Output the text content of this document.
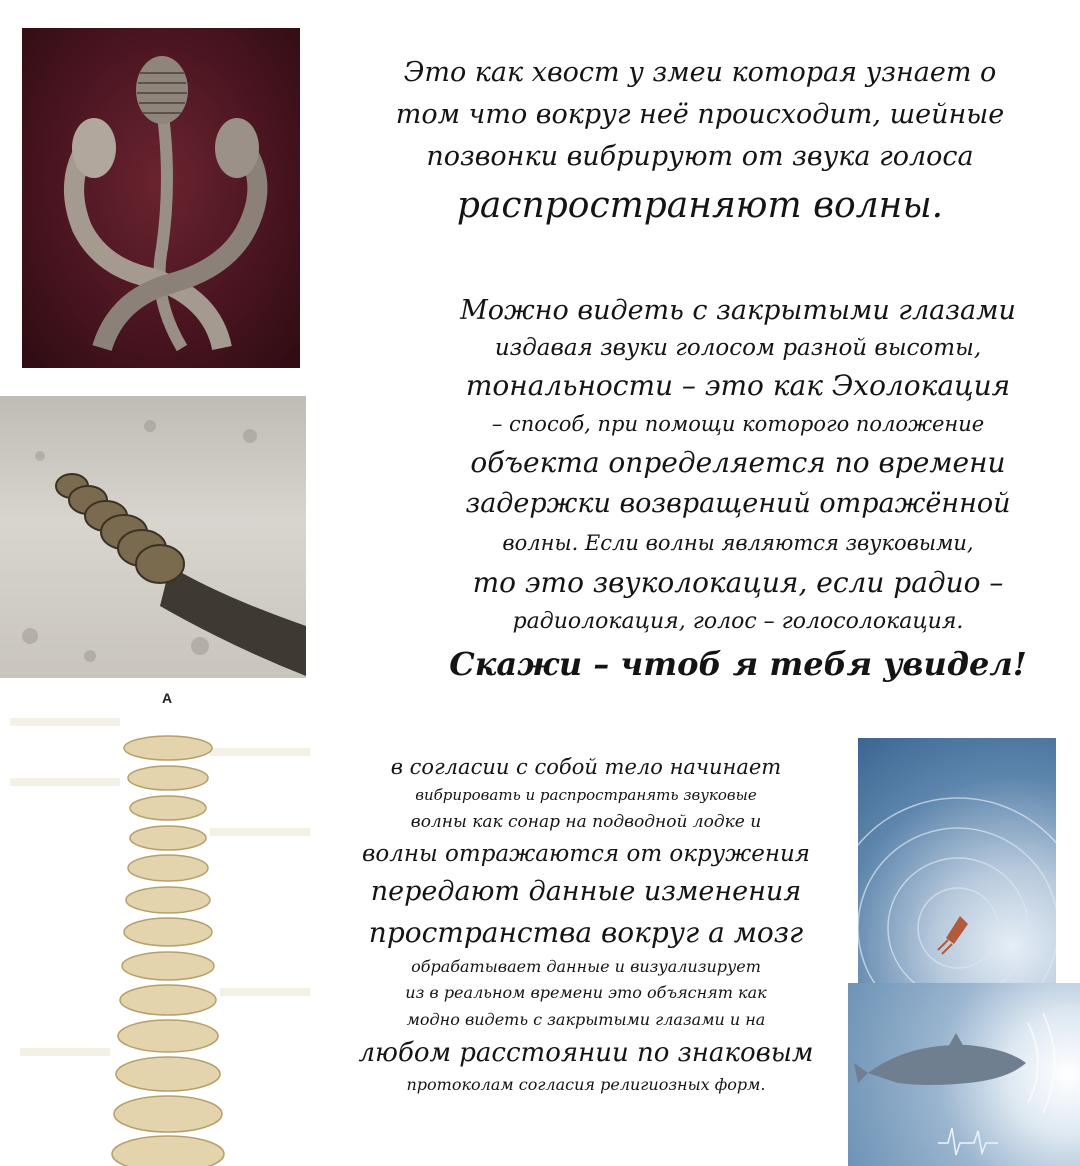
A
Это как хвост у змеи которая узнает о
том что вокруг неё происходит, шейные
позвонки вибрируют от звука голоса
распространяют волны.
Можно видеть с закрытыми глазами
издавая звуки голосом разной высоты,
тональности – это как Эхолокация
– способ, при помощи которого положение
объекта определяется по времени
задержки возвращений отражённой
волны. Если волны являются звуковыми,
то это звуколокация, если радио –
радиолокация, голос – голосолокация.
Скажи – чтоб я тебя увидел!
в согласии с собой тело начинает
вибрировать и распространять звуковые
волны как сонар на подводной лодке и
волны отражаются от окружения
передают данные изменения
пространства вокруг а мозг
обрабатывает данные и визуализирует
из в реальном времени это объяснят как
модно видеть с закрытыми глазами и на
любом расстоянии по знаковым
протоколам согласия религиозных форм.
